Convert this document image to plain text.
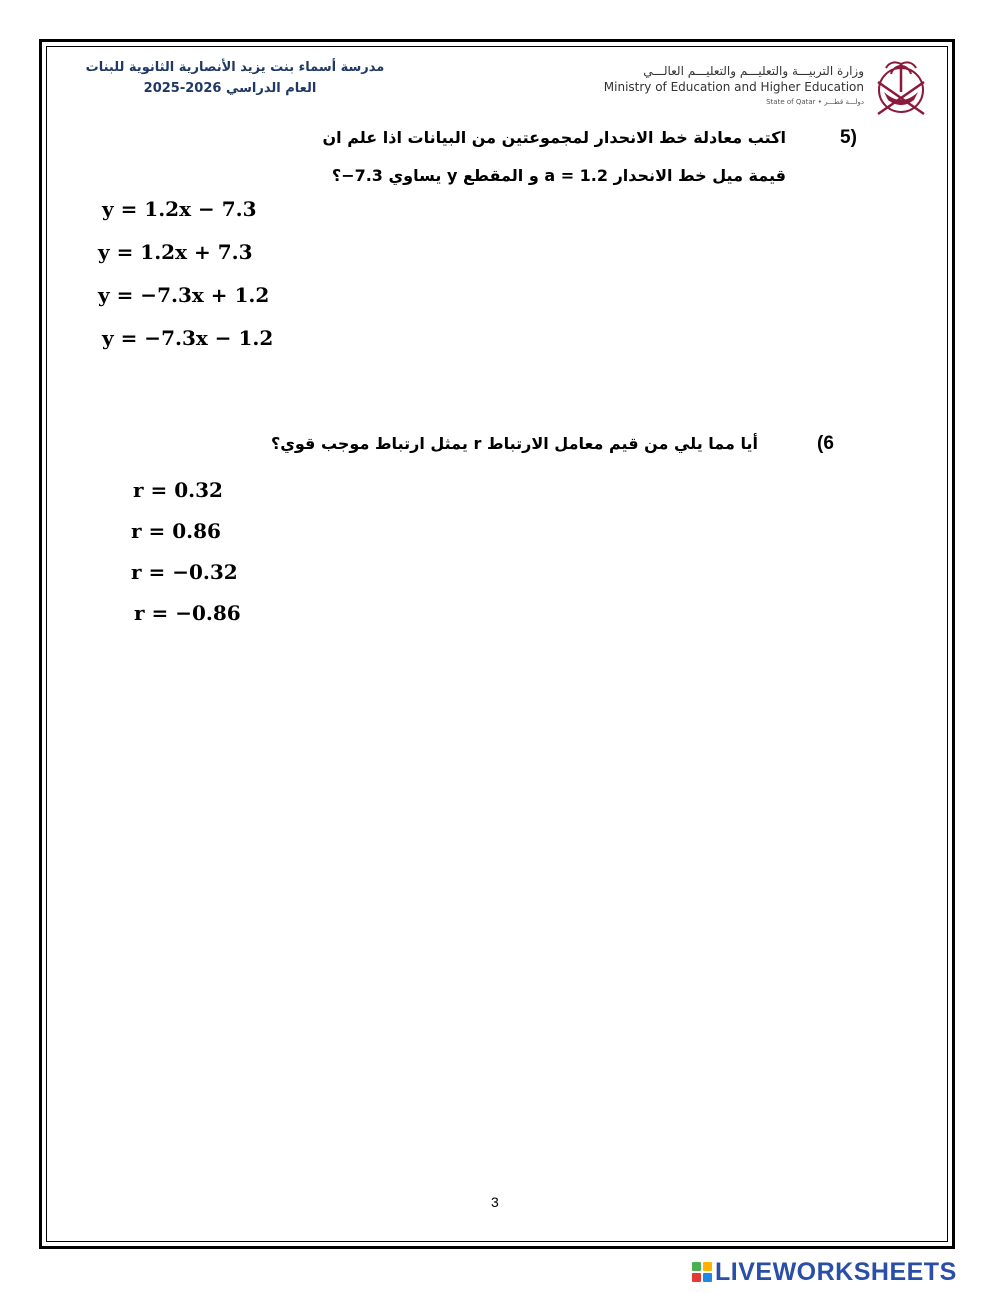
مدرسة أسماء بنت يزيد الأنصارية الثانوية للبنات
العام الدراسي 2026-2025
وزارة التربيـــة والتعليـــم والتعليـــم العالـــي
Ministry of Education and Higher Education
State of Qatar • دولـــة قطـــر
5)
اكتب معادلة خط الانحدار لمجموعتين من البيانات اذا علم ان
قيمة ميل خط الانحدار a = 1.2 و المقطع y يساوي 7.3−؟
y = 1.2x − 7.3
y = 1.2x + 7.3
y = −7.3x + 1.2
y = −7.3x − 1.2
(6
أيا مما يلي من قيم معامل الارتباط r يمثل ارتباط موجب قوي؟
r = 0.32
r = 0.86
r = −0.32
r = −0.86
3
LIVEWORKSHEETS
